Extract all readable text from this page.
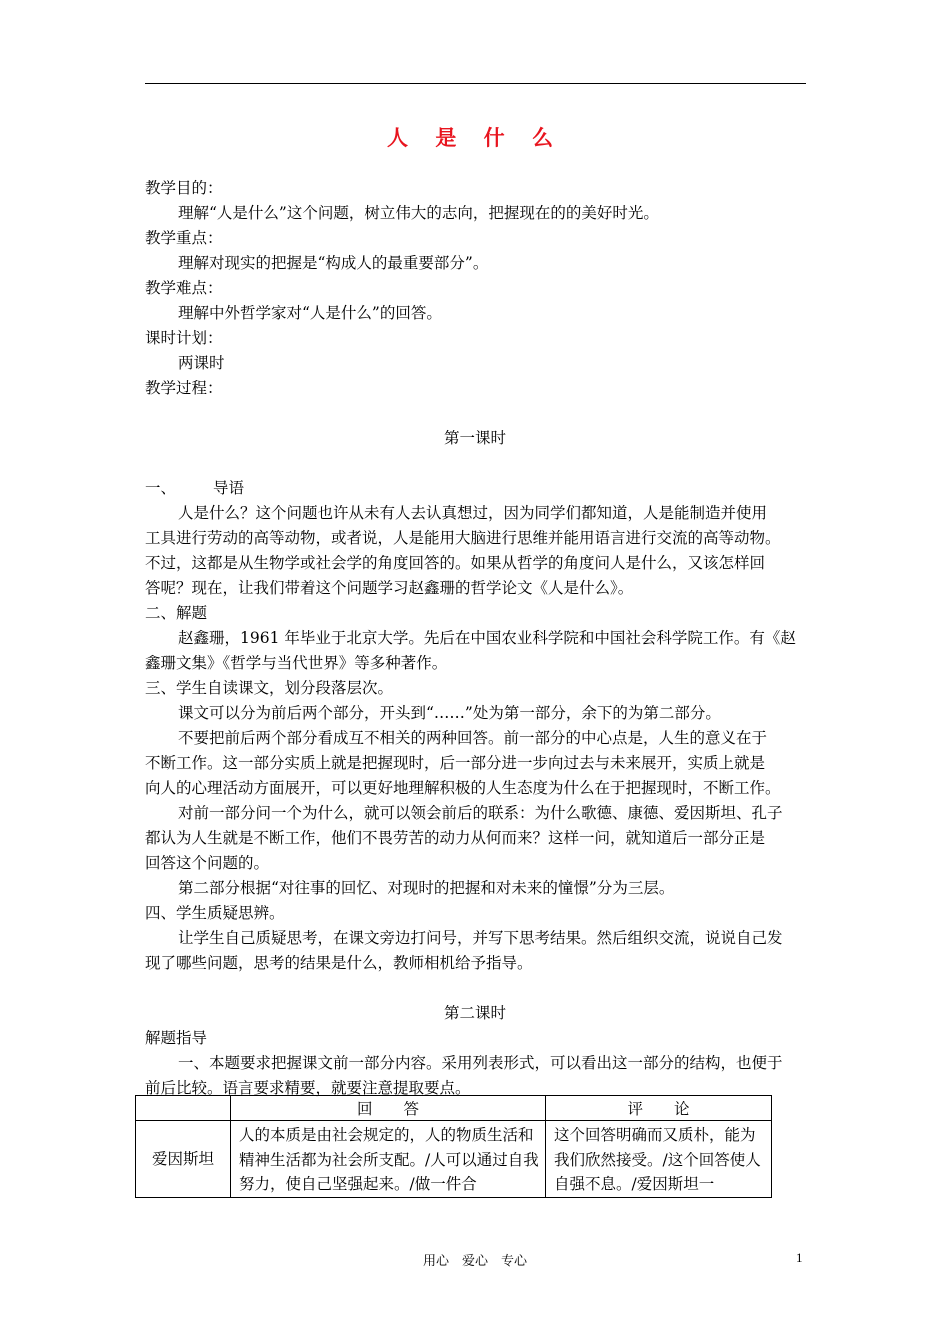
人 是 什 么
教学目的：
理解“人是什么”这个问题，树立伟大的志向，把握现在的的美好时光。
教学重点：
理解对现实的把握是“构成人的最重要部分”。
教学难点：
理解中外哲学家对“人是什么”的回答。
课时计划：
两课时
教学过程：
第一课时
一、 导语
人是什么？这个问题也许从未有人去认真想过，因为同学们都知道，人是能制造并使用
工具进行劳动的高等动物，或者说，人是能用大脑进行思维并能用语言进行交流的高等动物。
不过，这都是从生物学或社会学的角度回答的。如果从哲学的角度问人是什么，又该怎样回
答呢？现在，让我们带着这个问题学习赵鑫珊的哲学论文《人是什么》。
二、解题
赵鑫珊，1961 年毕业于北京大学。先后在中国农业科学院和中国社会科学院工作。有《赵
鑫珊文集》《哲学与当代世界》等多种著作。
三、学生自读课文，划分段落层次。
课文可以分为前后两个部分，开头到“……”处为第一部分，余下的为第二部分。
不要把前后两个部分看成互不相关的两种回答。前一部分的中心点是，人生的意义在于
不断工作。这一部分实质上就是把握现时，后一部分进一步向过去与未来展开，实质上就是
向人的心理活动方面展开，可以更好地理解积极的人生态度为什么在于把握现时，不断工作。
对前一部分问一个为什么，就可以领会前后的联系：为什么歌德、康德、爱因斯坦、孔子
都认为人生就是不断工作，他们不畏劳苦的动力从何而来？这样一问，就知道后一部分正是
回答这个问题的。
第二部分根据“对往事的回忆、对现时的把握和对未来的憧憬”分为三层。
四、学生质疑思辨。
让学生自己质疑思考，在课文旁边打问号，并写下思考结果。然后组织交流，说说自己发
现了哪些问题，思考的结果是什么，教师相机给予指导。
第二课时
解题指导
一、本题要求把握课文前一部分内容。采用列表形式，可以看出这一部分的结构，也便于
前后比较。语言要求精要，就要注意提取要点。
	回　　答	评　　论
爱因斯坦	人的本质是由社会规定的，人的物质生活和精神生活都为社会所支配。/人可以通过自我努力，使自己坚强起来。/做一件合	这个回答明确而又质朴，能为我们欣然接受。/这个回答使人自强不息。/爱因斯坦一
用心　爱心　专心	1
